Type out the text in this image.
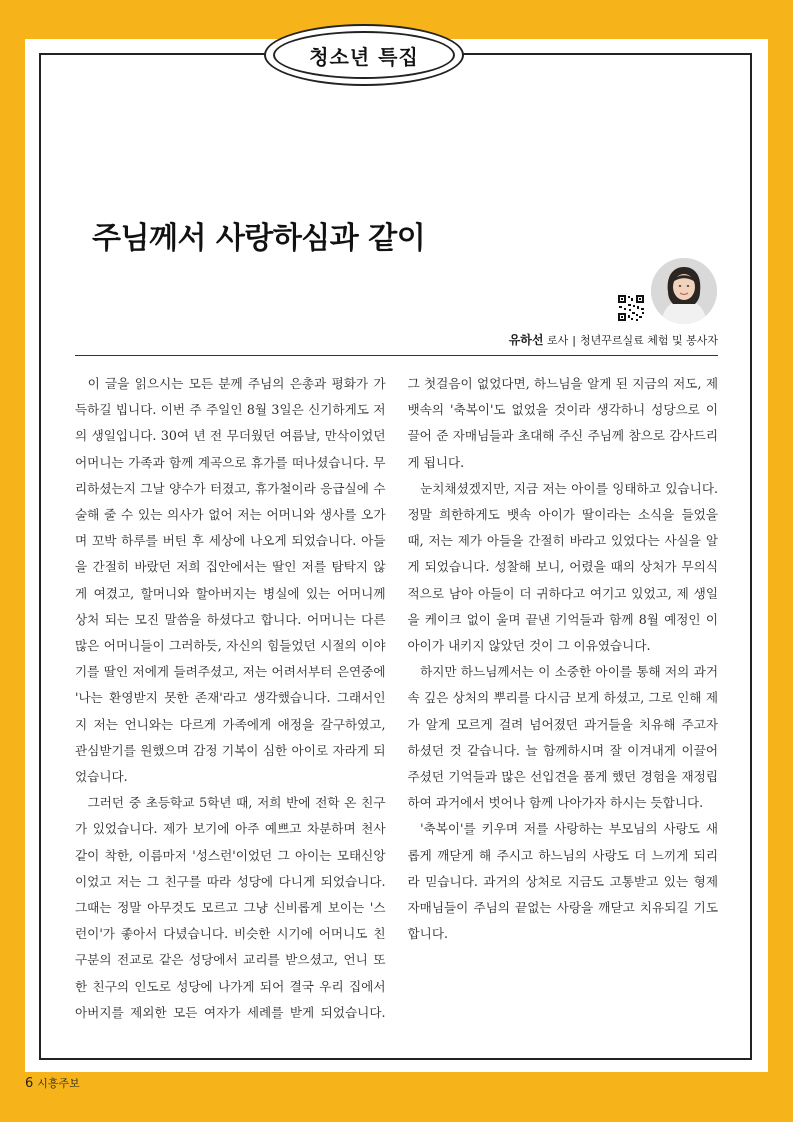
청소년 특집
주님께서 사랑하심과 같이
유하선 로사 | 청년꾸르실료 체험 및 봉사자

이 글을 읽으시는 모든 분께 주님의 은총과 평화가 가득하길 빕니다. 이번 주 주일인 8월 3일은 신기하게도 저의 생일입니다. 30여 년 전 무더웠던 여름날, 만삭이었던 어머니는 가족과 함께 계곡으로 휴가를 떠나셨습니다. 무리하셨는지 그날 양수가 터졌고, 휴가철이라 응급실에 수술해 줄 수 있는 의사가 없어 저는 어머니와 생사를 오가며 꼬박 하루를 버틴 후 세상에 나오게 되었습니다. 아들을 간절히 바랐던 저희 집안에서는 딸인 저를 탐탁지 않게 여겼고, 할머니와 할아버지는 병실에 있는 어머니께 상처 되는 모진 말씀을 하셨다고 합니다. 어머니는 다른 많은 어머니들이 그러하듯, 자신의 힘들었던 시절의 이야기를 딸인 저에게 들려주셨고, 저는 어려서부터 은연중에 '나는 환영받지 못한 존재'라고 생각했습니다. 그래서인지 저는 언니와는 다르게 가족에게 애정을 갈구하였고, 관심받기를 원했으며 감정 기복이 심한 아이로 자라게 되었습니다.

그러던 중 초등학교 5학년 때, 저희 반에 전학 온 친구가 있었습니다. 제가 보기에 아주 예쁘고 차분하며 천사같이 착한, 이름마저 '성스런'이었던 그 아이는 모태신앙이었고 저는 그 친구를 따라 성당에 다니게 되었습니다. 그때는 정말 아무것도 모르고 그냥 신비롭게 보이는 '스런이'가 좋아서 다녔습니다. 비슷한 시기에 어머니도 친구분의 전교로 같은 성당에서 교리를 받으셨고, 언니 또한 친구의 인도로 성당에 나가게 되어 결국 우리 집에서 아버지를 제외한 모든 여자가 세례를 받게 되었습니다. 그 첫걸음이 없었다면, 하느님을 알게 된 지금의 저도, 제 뱃속의 '축복이'도 없었을 것이라 생각하니 성당으로 이끌어 준 자매님들과 초대해 주신 주님께 참으로 감사드리게 됩니다.

눈치채셨겠지만, 지금 저는 아이를 잉태하고 있습니다. 정말 희한하게도 뱃속 아이가 딸이라는 소식을 들었을 때, 저는 제가 아들을 간절히 바라고 있었다는 사실을 알게 되었습니다. 성찰해 보니, 어렸을 때의 상처가 무의식적으로 남아 아들이 더 귀하다고 여기고 있었고, 제 생일을 케이크 없이 울며 끝낸 기억들과 함께 8월 예정인 이 아이가 내키지 않았던 것이 그 이유였습니다.

하지만 하느님께서는 이 소중한 아이를 통해 저의 과거 속 깊은 상처의 뿌리를 다시금 보게 하셨고, 그로 인해 제가 알게 모르게 걸려 넘어졌던 과거들을 치유해 주고자 하셨던 것 같습니다. 늘 함께하시며 잘 이겨내게 이끌어주셨던 기억들과 많은 선입견을 품게 했던 경험을 재정립하여 과거에서 벗어나 함께 나아가자 하시는 듯합니다.

'축복이'를 키우며 저를 사랑하는 부모님의 사랑도 새롭게 깨닫게 해 주시고 하느님의 사랑도 더 느끼게 되리라 믿습니다. 과거의 상처로 지금도 고통받고 있는 형제자매님들이 주님의 끝없는 사랑을 깨닫고 치유되길 기도합니다.

6 시흥주보
